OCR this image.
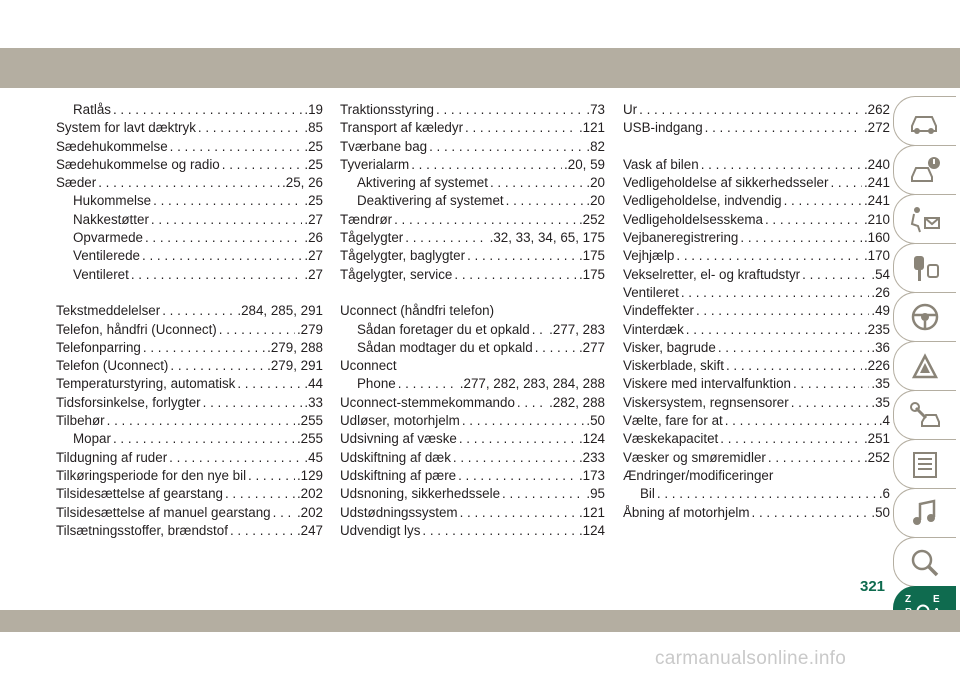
Ratlås . . .	.19
System for lavt dæktryk . . .	.85
Sædehukommelse . . .	.25
Sædehukommelse og radio . . .	.25
Sæder . . .	.25, 26
Hukommelse . . .	.25
Nakkestøtter . . .	.27
Opvarmede . . .	.26
Ventilerede . . .	.27
Ventileret . . .	.27
Tekstmeddelelser . . .	.284, 285, 291
Telefon, håndfri (Uconnect) . . .	.279
Telefonparring . . .	.279, 288
Telefon (Uconnect) . . .	.279, 291
Temperaturstyring, automatisk . . .	.44
Tidsforsinkelse, forlygter . . .	.33
Tilbehør . . .	.255
Mopar . . .	.255
Tildugning af ruder . . .	.45
Tilkøringsperiode for den nye bil . . .	.129
Tilsidesættelse af gearstang . . .	.202
Tilsidesættelse af manuel gearstang . . . .202
Tilsætningsstoffer, brændstof . . .	.247
Traktionsstyring . . .	.73
Transport af kæledyr . . .	.121
Tværbane bag . . .	.82
Tyverialarm . . .	.20, 59
Aktivering af systemet . . .	.20
Deaktivering af systemet . . .	.20
Tændrør . . .	.252
Tågelygter . . .	.32, 33, 34, 65, 175
Tågelygter, baglygter . . .	.175
Tågelygter, service . . .	.175
Uconnect (håndfri telefon)
Sådan foretager du et opkald . . . .277, 283
Sådan modtager du et opkald . . .	.277
Uconnect
Phone . . .	.277, 282, 283, 284, 288
Uconnect-stemmekommando . . .	.282, 288
Udløser, motorhjelm . . .	.50
Udsivning af væske . . .	.124
Udskiftning af dæk . . .	.233
Udskiftning af pære . . .	.173
Udsnoning, sikkerhedssele . . .	.95
Udstødningssystem . . .	.121
Udvendigt lys . . .	.124
Ur . . .	.262
USB-indgang . . .	.272
Vask af bilen . . .	.240
Vedligeholdelse af sikkerhedsseler . . .	.241
Vedligeholdelse, indvendig . . .	.241
Vedligeholdelsesskema . . .	.210
Vejbaneregistrering . . .	.160
Vejhjælp . . .	.170
Vekselretter, el- og kraftudstyr . . .	.54
Ventileret . . .	.26
Vindeffekter . . .	.49
Vinterdæk . . .	.235
Visker, bagrude . . .	.36
Viskerblade, skift . . .	.226
Viskere med intervalfunktion . . .	.35
Viskersystem, regnsensorer . . .	.35
Vælte, fare for at . . .	.4
Væskekapacitet . . .	.251
Væsker og smøremidler . . .	.252
Ændringer/modificeringer
Bil . . .	.6
Åbning af motorhjelm . . .	.50
Z E
321
carmanualsonline.info
